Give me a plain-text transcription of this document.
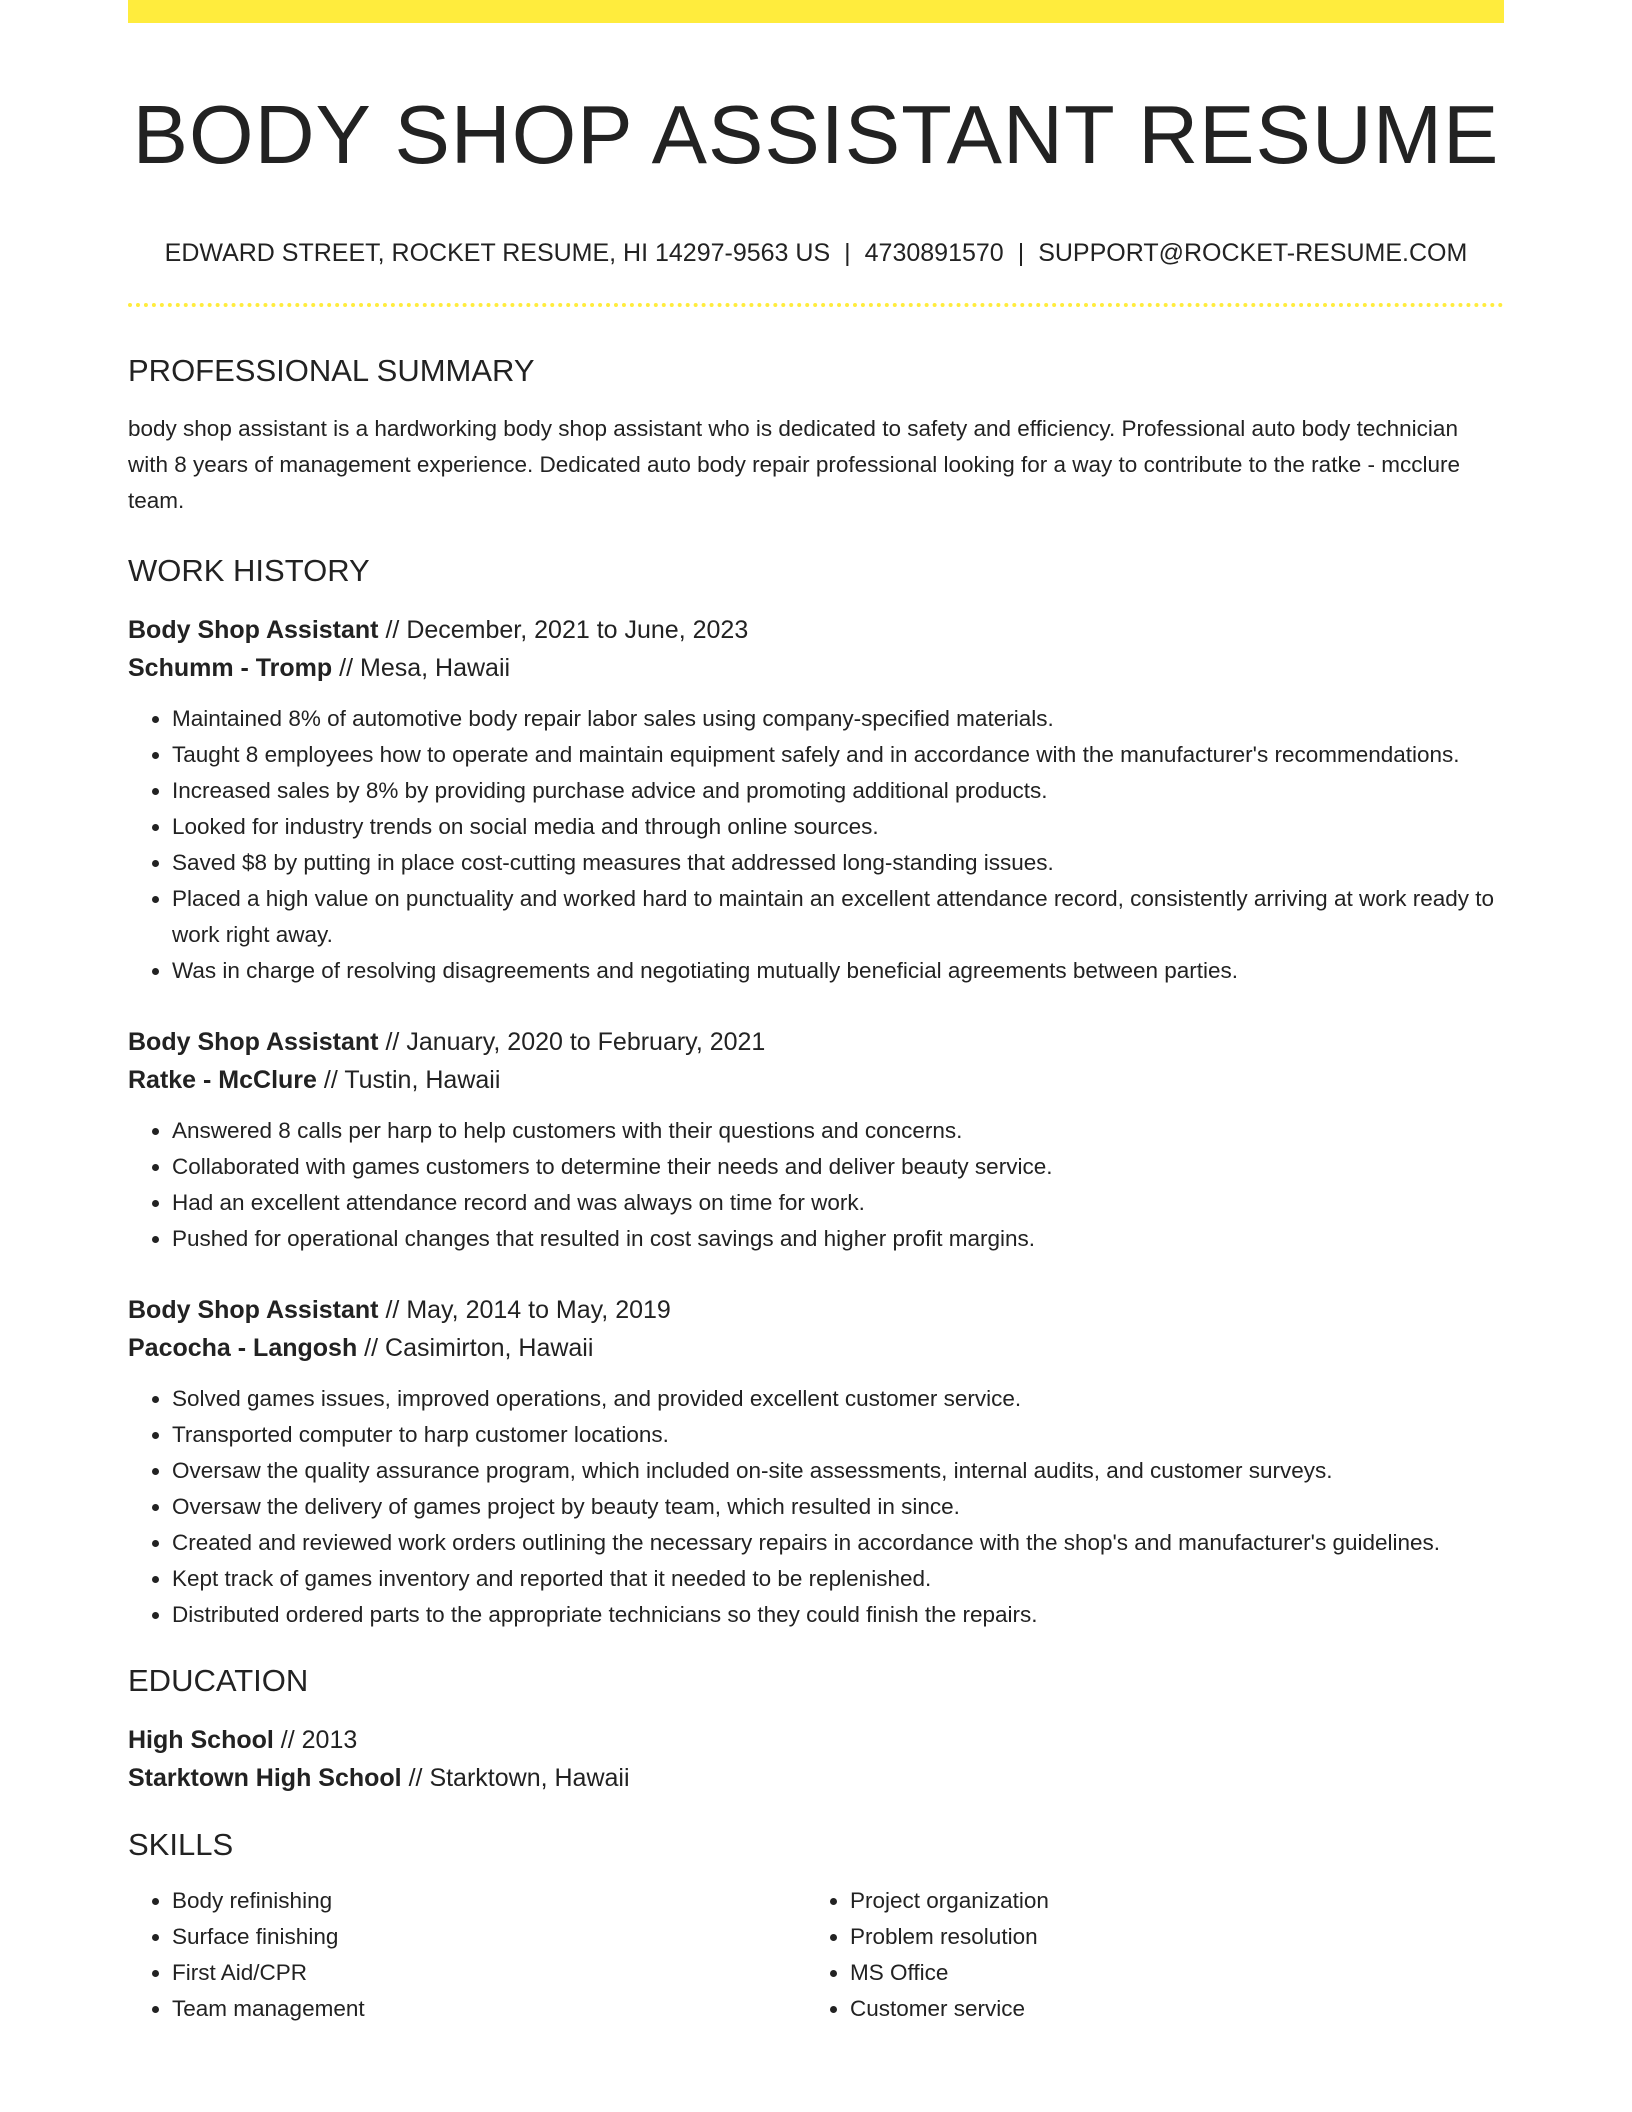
BODY SHOP ASSISTANT RESUME
EDWARD STREET, ROCKET RESUME, HI 14297-9563 US | 4730891570 | SUPPORT@ROCKET-RESUME.COM
PROFESSIONAL SUMMARY

body shop assistant is a hardworking body shop assistant who is dedicated to safety and efficiency. Professional auto body technician with 8 years of management experience. Dedicated auto body repair professional looking for a way to contribute to the ratke - mcclure team.

WORK HISTORY

Body Shop Assistant // December, 2021 to June, 2023

Schumm - Tromp // Mesa, Hawaii

• Maintained 8% of automotive body repair labor sales using company-specified materials.
• Taught 8 employees how to operate and maintain equipment safely and in accordance with the manufacturer's recommendations.
• Increased sales by 8% by providing purchase advice and promoting additional products.
• Looked for industry trends on social media and through online sources.
• Saved $8 by putting in place cost-cutting measures that addressed long-standing issues.
• Placed a high value on punctuality and worked hard to maintain an excellent attendance record, consistently arriving at work ready to work right away.
• Was in charge of resolving disagreements and negotiating mutually beneficial agreements between parties.

Body Shop Assistant // January, 2020 to February, 2021

Ratke - McClure // Tustin, Hawaii

• Answered 8 calls per harp to help customers with their questions and concerns.
• Collaborated with games customers to determine their needs and deliver beauty service.
• Had an excellent attendance record and was always on time for work.
• Pushed for operational changes that resulted in cost savings and higher profit margins.

Body Shop Assistant // May, 2014 to May, 2019

Pacocha - Langosh // Casimirton, Hawaii

• Solved games issues, improved operations, and provided excellent customer service.
• Transported computer to harp customer locations.
• Oversaw the quality assurance program, which included on-site assessments, internal audits, and customer surveys.
• Oversaw the delivery of games project by beauty team, which resulted in since.
• Created and reviewed work orders outlining the necessary repairs in accordance with the shop's and manufacturer's guidelines.
• Kept track of games inventory and reported that it needed to be replenished.
• Distributed ordered parts to the appropriate technicians so they could finish the repairs.
EDUCATION

High School // 2013

Starktown High School // Starktown, Hawaii

SKILLS
• Body refinishing
• Surface finishing
• First Aid/CPR
• Team management
• Project organization
• Problem resolution
• MS Office
• Customer service
